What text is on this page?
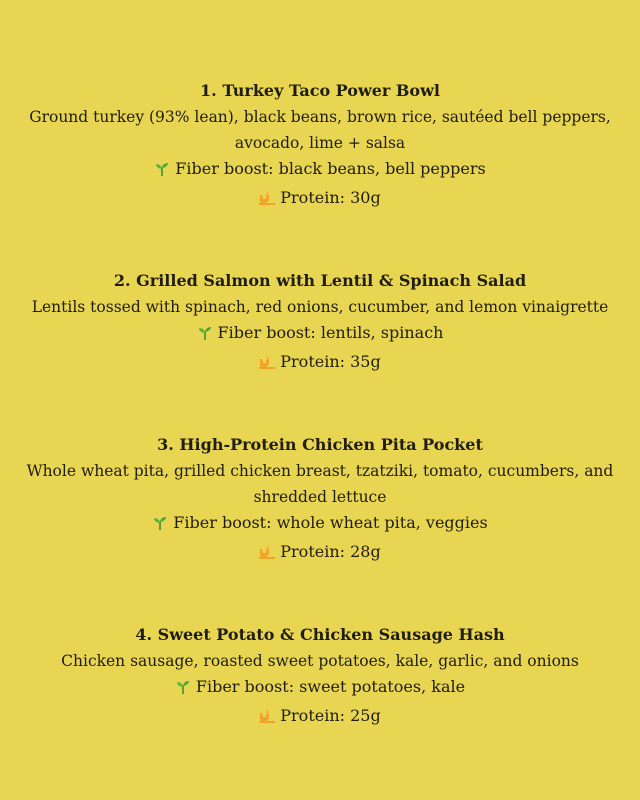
1. Turkey Taco Power Bowl
Ground turkey (93% lean), black beans, brown rice, sautéed bell peppers, avocado, lime + salsa
Fiber boost: black beans, bell peppers
Protein: 30g
2. Grilled Salmon with Lentil & Spinach Salad
Lentils tossed with spinach, red onions, cucumber, and lemon vinaigrette
Fiber boost: lentils, spinach
Protein: 35g
3. High-Protein Chicken Pita Pocket
Whole wheat pita, grilled chicken breast, tzatziki, tomato, cucumbers, and shredded lettuce
Fiber boost: whole wheat pita, veggies
Protein: 28g
4. Sweet Potato & Chicken Sausage Hash
Chicken sausage, roasted sweet potatoes, kale, garlic, and onions
Fiber boost: sweet potatoes, kale
Protein: 25g
